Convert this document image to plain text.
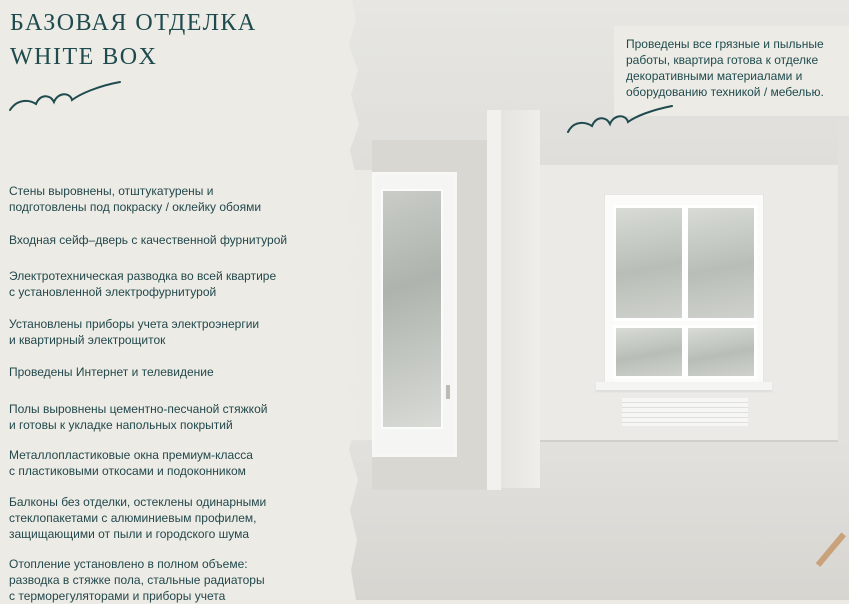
Проведены все грязные и пыльные работы, квартира готова к отделке декоративными материалами и оборудованию техникой / мебелью.
БАЗОВАЯ ОТДЕЛКА
WHITE BOX
Стены выровнены, отштукатурены и
подготовлены под покраску / оклейку обоями
Входная сейф–дверь с качественной фурнитурой
Электротехническая разводка во всей квартире
с установленной электрофурнитурой
Установлены приборы учета электроэнергии
и квартирный электрощиток
Проведены Интернет и телевидение
Полы выровнены цементно-песчаной стяжкой
и готовы к укладке напольных покрытий
Металлопластиковые окна премиум-класса
с пластиковыми откосами и подоконником
Балконы без отделки, остеклены одинарными
стеклопакетами с алюминиевым профилем,
защищающими от пыли и городского шума
Отопление установлено в полном объеме:
разводка в стяжке пола, стальные радиаторы
с терморегуляторами и приборы учета
